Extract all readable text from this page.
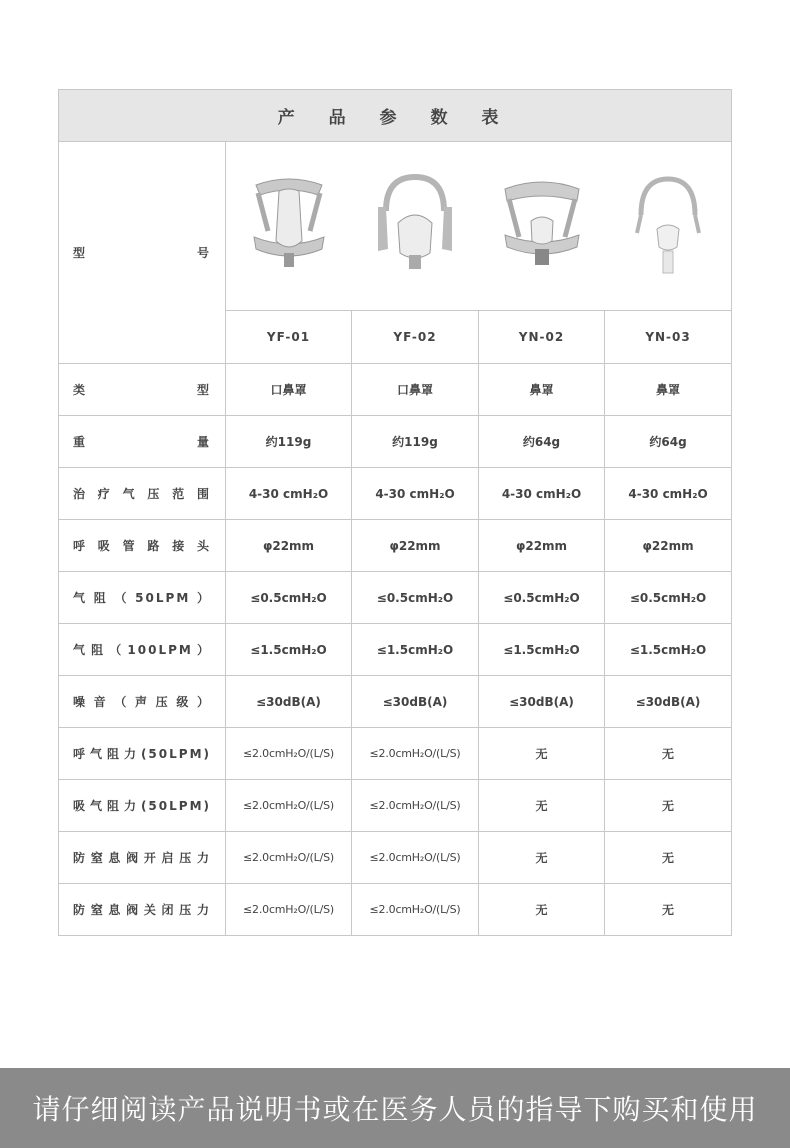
产 品 参 数 表				
型号	

	YF-01	YF-02	YN-02	YN-03
类型	口鼻罩	口鼻罩	鼻罩	鼻罩
重量	约119g	约119g	约64g	约64g
治疗气压范围	4-30 cmH₂O	4-30 cmH₂O	4-30 cmH₂O	4-30 cmH₂O
呼吸管路接头	φ22mm	φ22mm	φ22mm	φ22mm
气阻（50LPM）	≤0.5cmH₂O	≤0.5cmH₂O	≤0.5cmH₂O	≤0.5cmH₂O
气阻（100LPM）	≤1.5cmH₂O	≤1.5cmH₂O	≤1.5cmH₂O	≤1.5cmH₂O
噪音（声压级）	≤30dB(A)	≤30dB(A)	≤30dB(A)	≤30dB(A)
呼气阻力(50LPM)	≤2.0cmH₂O/(L/S)	≤2.0cmH₂O/(L/S)	无	无
吸气阻力(50LPM)	≤2.0cmH₂O/(L/S)	≤2.0cmH₂O/(L/S)	无	无
防窒息阀开启压力	≤2.0cmH₂O/(L/S)	≤2.0cmH₂O/(L/S)	无	无
防窒息阀关闭压力	≤2.0cmH₂O/(L/S)	≤2.0cmH₂O/(L/S)	无	无
请仔细阅读产品说明书或在医务人员的指导下购买和使用
